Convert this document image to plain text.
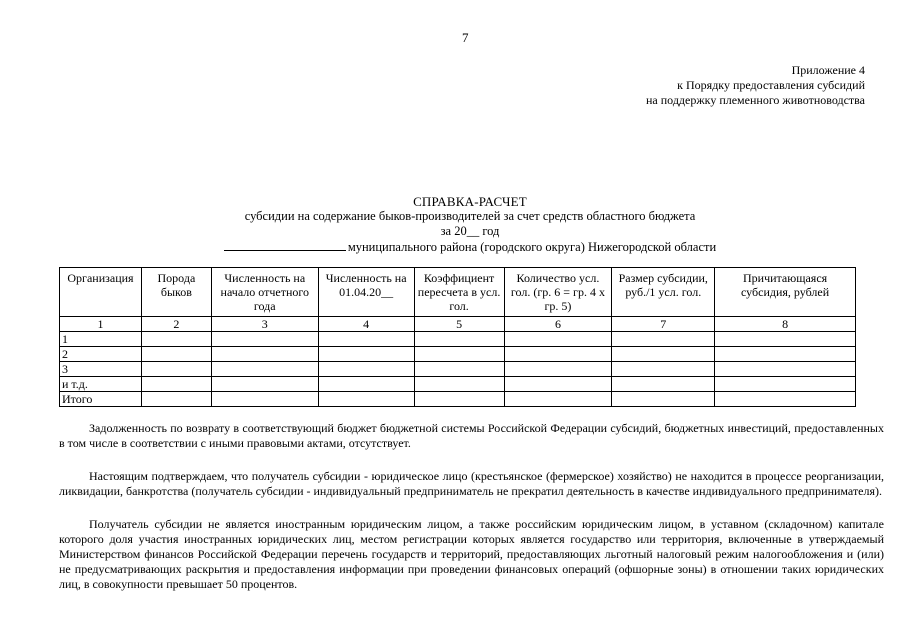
7
Приложение 4
к Порядку предоставления субсидий
на поддержку племенного животноводства
СПРАВКА-РАСЧЕТ
субсидии на содержание быков-производителей за счет средств областного бюджета
за 20__ год
муниципального района (городского округа) Нижегородской области
Организация	Порода быков	Численность на начало отчетного года	Численность на 01.04.20__	Коэффициент пересчета в усл. гол.	Количество усл. гол. (гр. 6 = гр. 4 x гр. 5)	Размер субсидии, руб./1 усл. гол.	Причитающаяся субсидия, рублей
1	2	3	4	5	6	7	8
1							
2							
3							
и т.д.							
Итого							

Задолженность по возврату в соответствующий бюджет бюджетной системы Российской Федерации субсидий, бюджетных инвестиций, предоставленных в том числе в соответствии с иными правовыми актами, отсутствует.

Настоящим подтверждаем, что получатель субсидии - юридическое лицо (крестьянское (фермерское) хозяйство) не находится в процессе реорганизации, ликвидации, банкротства (получатель субсидии - индивидуальный предприниматель не прекратил деятельность в качестве индивидуального предпринимателя).

Получатель субсидии не является иностранным юридическим лицом, а также российским юридическим лицом, в уставном (складочном) капитале которого доля участия иностранных юридических лиц, местом регистрации которых является государство или территория, включенные в утверждаемый Министерством финансов Российской Федерации перечень государств и территорий, предоставляющих льготный налоговый режим налогообложения и (или) не предусматривающих раскрытия и предоставления информации при проведении финансовых операций (офшорные зоны) в отношении таких юридических лиц, в совокупности превышает 50 процентов.
